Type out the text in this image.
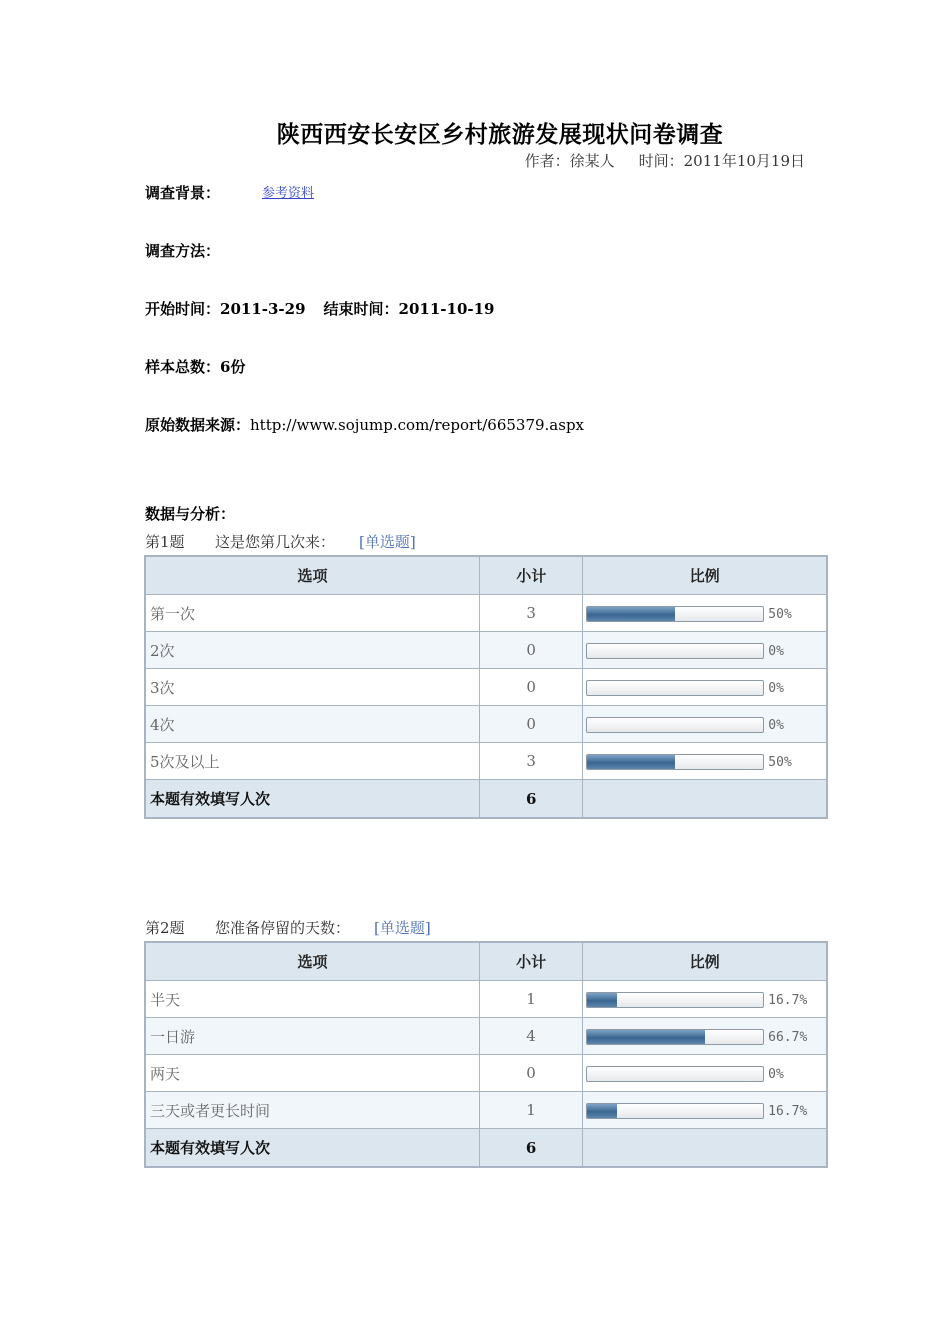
陕西西安长安区乡村旅游发展现状问卷调查
作者：徐某人 时间：2011年10月19日
调查背景：	参考资料
调查方法：
开始时间：2011-3-29 结束时间：2011-10-19
样本总数：6份
原始数据来源：http://www.sojump.com/report/665379.aspx
数据与分析：
第1题 这是您第几次来： [单选题]
选项	小计	比例
第一次	3	50%
2次	0	0%
3次	0	0%
4次	0	0%
5次及以上	3	50%
本题有效填写人次	6	
第2题 您准备停留的天数： [单选题]
选项	小计	比例
半天	1	16.7%
一日游	4	66.7%
两天	0	0%
三天或者更长时间	1	16.7%
本题有效填写人次	6	
